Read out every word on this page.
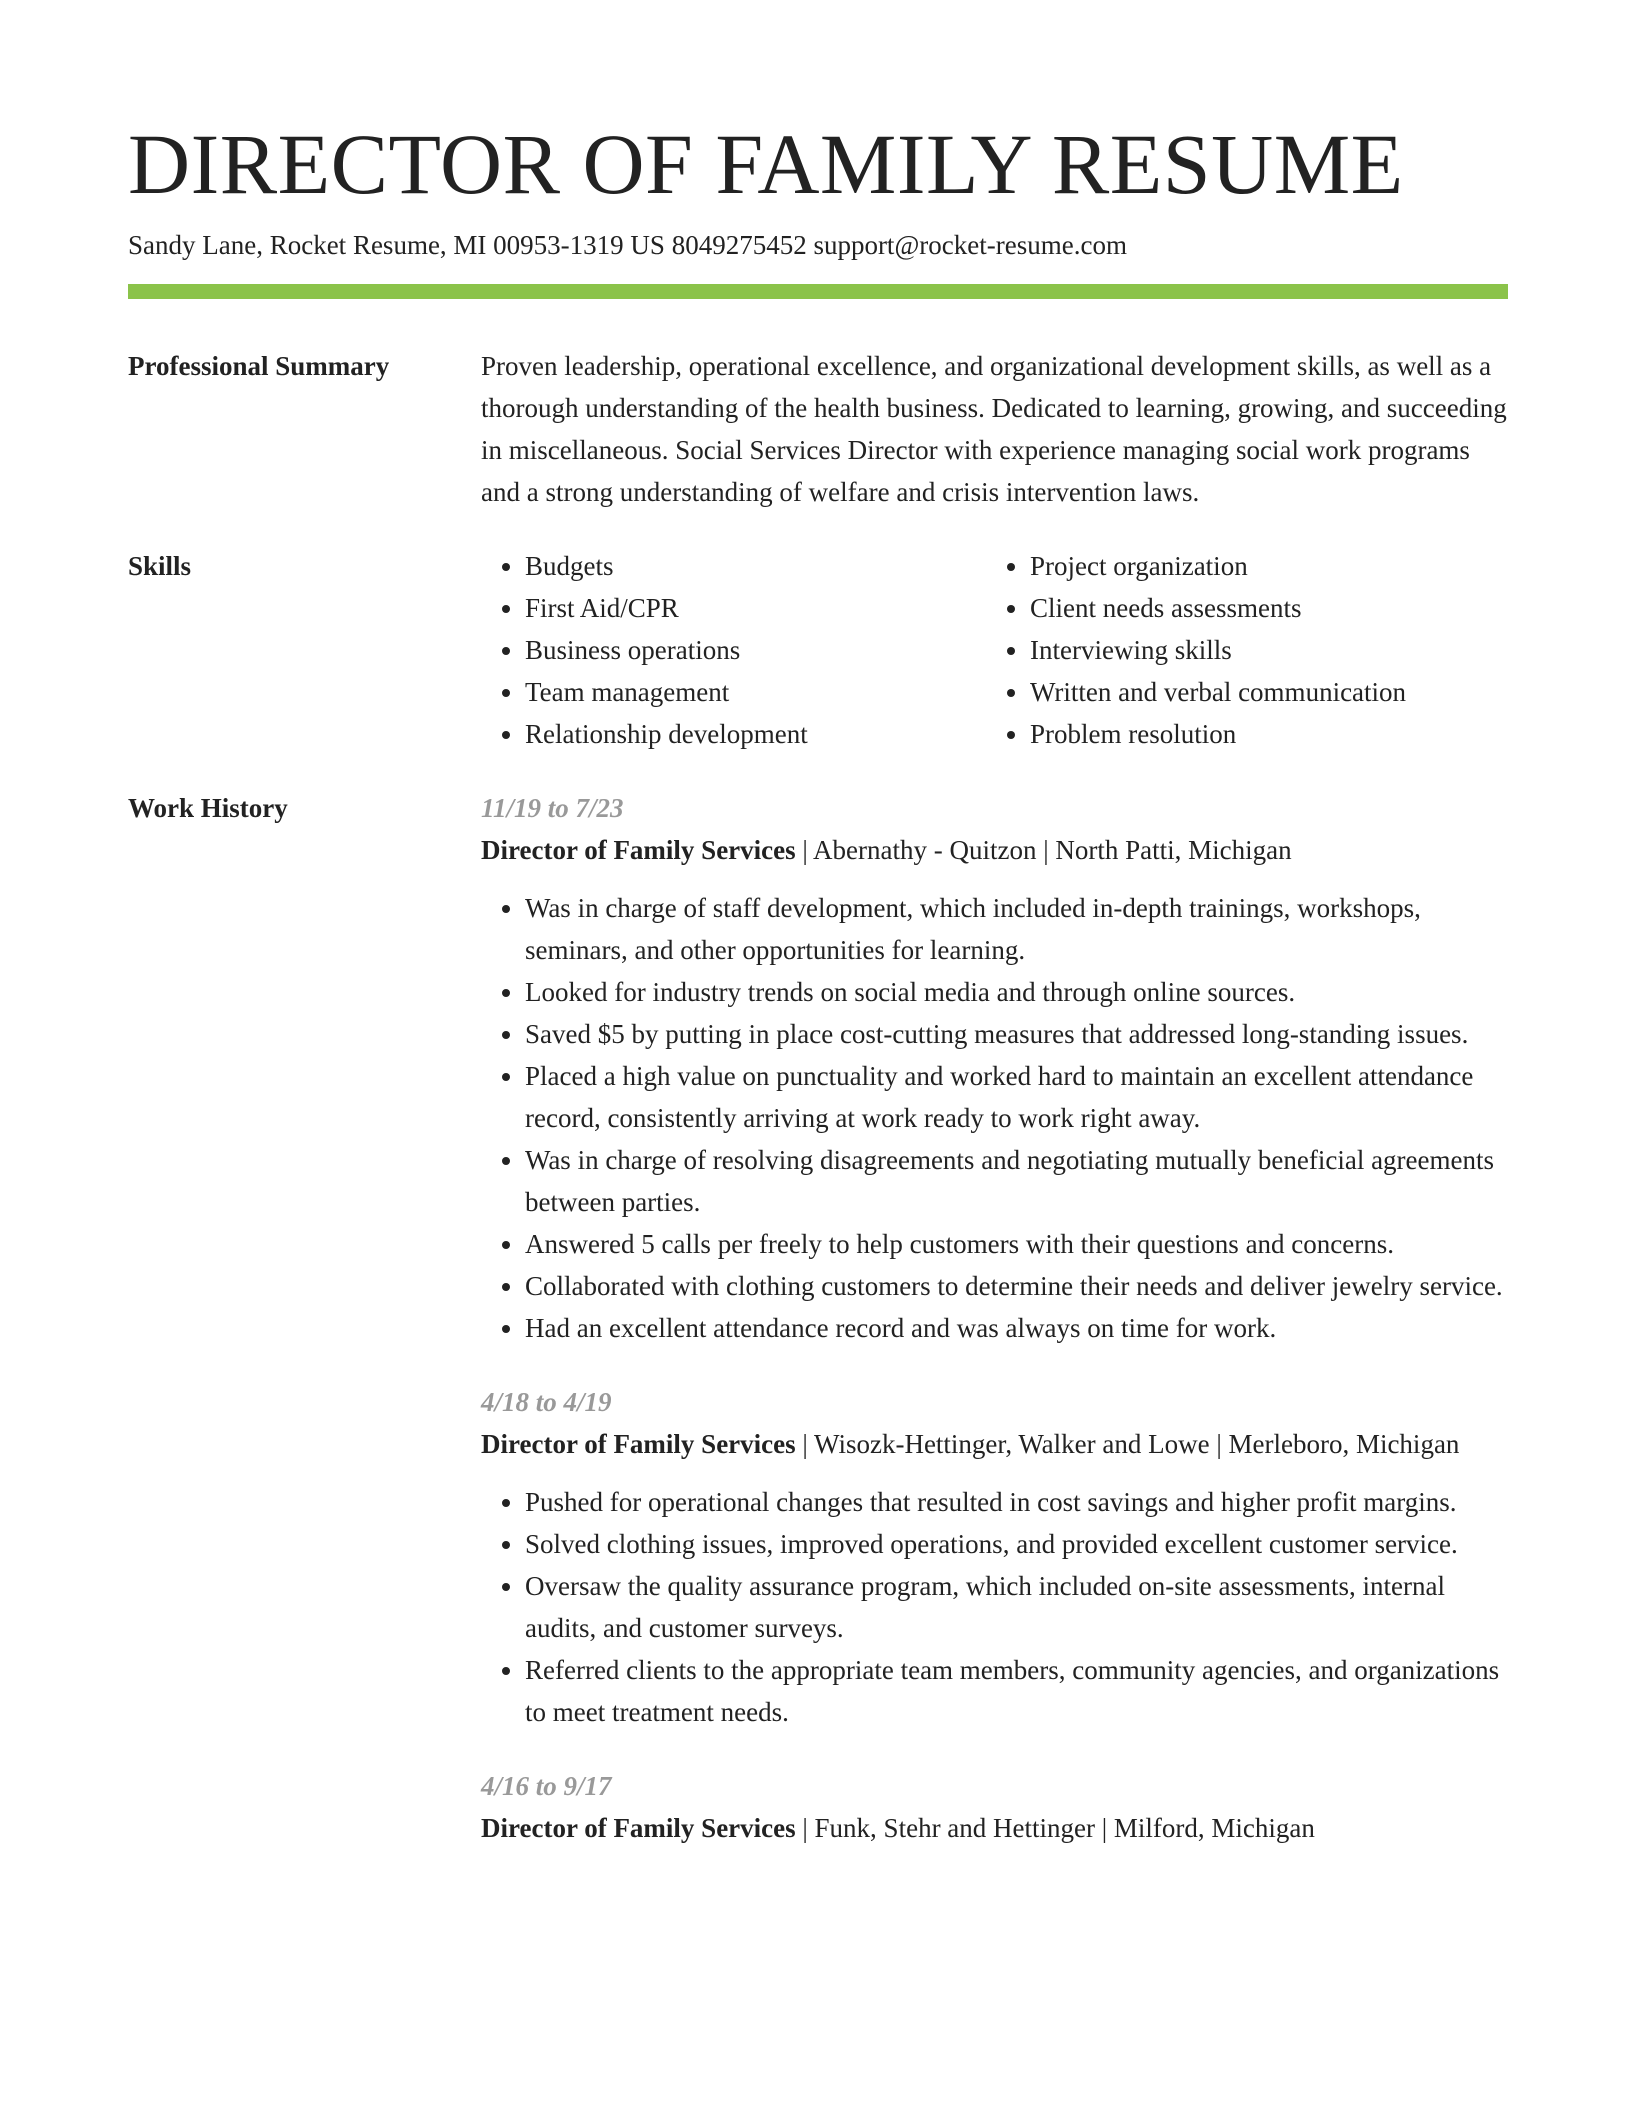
DIRECTOR OF FAMILY RESUME
Sandy Lane, Rocket Resume, MI 00953-1319 US 8049275452 support@rocket-resume.com
Professional Summary	Proven leadership, operational excellence, and organizational development skills, as well as a thorough understanding of the health business. Dedicated to learning, growing, and succeeding in miscellaneous. Social Services Director with experience managing social work programs and a strong understanding of welfare and crisis intervention laws.

Skills
•	Budgets
• First Aid/CPR
• Business operations
• Team management
• Relationship development
• Project organization
• Client needs assessments
• Interviewing skills
• Written and verbal communication
• Problem resolution
Work History	11/19 to 7/23
Director of Family Services | Abernathy - Quitzon | North Patti, Michigan
• Was in charge of staff development, which included in-depth trainings, workshops, seminars, and other opportunities for learning.
• Looked for industry trends on social media and through online sources.
• Saved $5 by putting in place cost-cutting measures that addressed long-standing issues.
• Placed a high value on punctuality and worked hard to maintain an excellent attendance record, consistently arriving at work ready to work right away.
• Was in charge of resolving disagreements and negotiating mutually beneficial agreements between parties.
• Answered 5 calls per freely to help customers with their questions and concerns.
• Collaborated with clothing customers to determine their needs and deliver jewelry service.
• Had an excellent attendance record and was always on time for work.
4/18 to 4/19
Director of Family Services | Wisozk-Hettinger, Walker and Lowe | Merleboro, Michigan
• Pushed for operational changes that resulted in cost savings and higher profit margins.
• Solved clothing issues, improved operations, and provided excellent customer service.
• Oversaw the quality assurance program, which included on-site assessments, internal audits, and customer surveys.
• Referred clients to the appropriate team members, community agencies, and organizations to meet treatment needs.
4/16 to 9/17
Director of Family Services | Funk, Stehr and Hettinger | Milford, Michigan
